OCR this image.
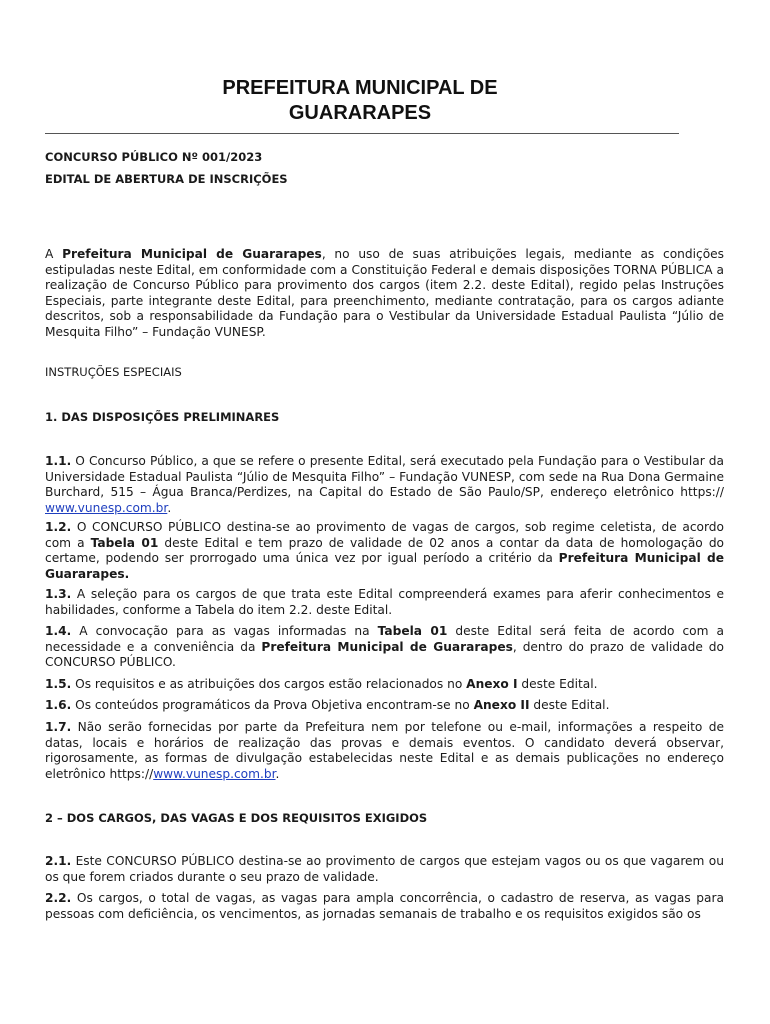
PREFEITURA MUNICIPAL DE
GUARARAPES
CONCURSO PÚBLICO Nº 001/2023
EDITAL DE ABERTURA DE INSCRIÇÕES
A Prefeitura Municipal de Guararapes, no uso de suas atribuições legais, mediante as condições estipuladas neste Edital, em conformidade com a Constituição Federal e demais disposições TORNA PÚBLICA a realização de Concurso Público para provimento dos cargos (item 2.2. deste Edital), regido pelas Instruções Especiais, parte integrante deste Edital, para preenchimento, mediante contratação, para os cargos adiante descritos, sob a responsabilidade da Fundação para o Vestibular da Universidade Estadual Paulista “Júlio de Mesquita Filho” – Fundação VUNESP.
INSTRUÇÕES ESPECIAIS
1. DAS DISPOSIÇÕES PRELIMINARES
1.1. O Concurso Público, a que se refere o presente Edital, será executado pela Fundação para o Vestibular da Universidade Estadual Paulista “Júlio de Mesquita Filho” – Fundação VUNESP, com sede na Rua Dona Germaine Burchard, 515 – Água Branca/Perdizes, na Capital do Estado de São Paulo/SP, endereço eletrônico https:// www.vunesp.com.br.
1.2. O CONCURSO PÚBLICO destina-se ao provimento de vagas de cargos, sob regime celetista, de acordo com a Tabela 01 deste Edital e tem prazo de validade de 02 anos a contar da data de homologação do certame, podendo ser prorrogado uma única vez por igual período a critério da Prefeitura Municipal de Guararapes.
1.3. A seleção para os cargos de que trata este Edital compreenderá exames para aferir conhecimentos e habilidades, conforme a Tabela do item 2.2. deste Edital.
1.4. A convocação para as vagas informadas na Tabela 01 deste Edital será feita de acordo com a necessidade e a conveniência da Prefeitura Municipal de Guararapes, dentro do prazo de validade do CONCURSO PÚBLICO.
1.5. Os requisitos e as atribuições dos cargos estão relacionados no Anexo I deste Edital.
1.6. Os conteúdos programáticos da Prova Objetiva encontram-se no Anexo II deste Edital.
1.7. Não serão fornecidas por parte da Prefeitura nem por telefone ou e-mail, informações a respeito de datas, locais e horários de realização das provas e demais eventos. O candidato deverá observar, rigorosamente, as formas de divulgação estabelecidas neste Edital e as demais publicações no endereço eletrônico https://www.vunesp.com.br.
2 – DOS CARGOS, DAS VAGAS E DOS REQUISITOS EXIGIDOS
2.1. Este CONCURSO PÚBLICO destina-se ao provimento de cargos que estejam vagos ou os que vagarem ou os que forem criados durante o seu prazo de validade.
2.2. Os cargos, o total de vagas, as vagas para ampla concorrência, o cadastro de reserva, as vagas para pessoas com deficiência, os vencimentos, as jornadas semanais de trabalho e os requisitos exigidos são os
